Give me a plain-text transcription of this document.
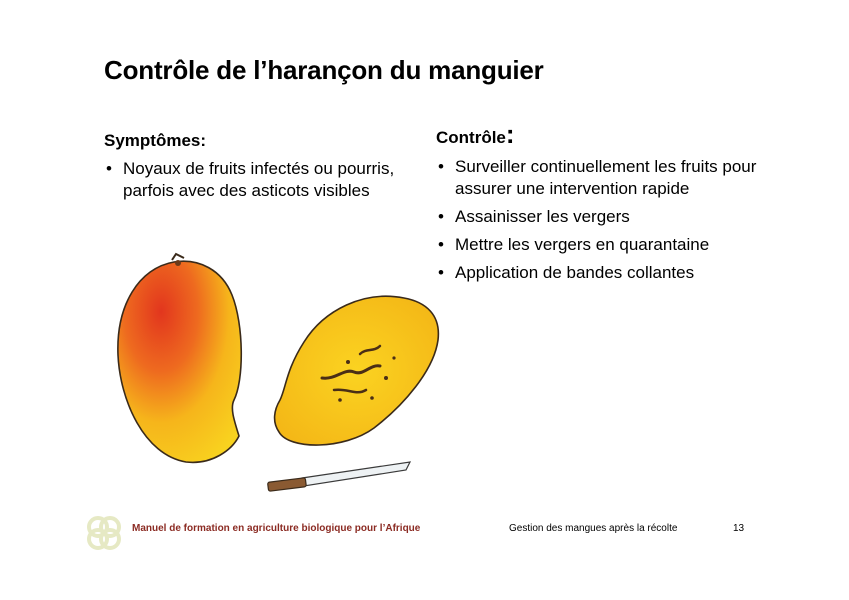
Contrôle de l’harançon du manguier
Symptômes:
• Noyaux de fruits infectés ou pourris, parfois avec des asticots visibles
Contrôle:
• Surveiller continuellement les fruits pour assurer une intervention rapide
• Assainisser les vergers
• Mettre les vergers en quarantaine
• Application de bandes collantes
Manuel de formation en agriculture biologique pour l’Afrique	Gestion des mangues après la récolte	13
